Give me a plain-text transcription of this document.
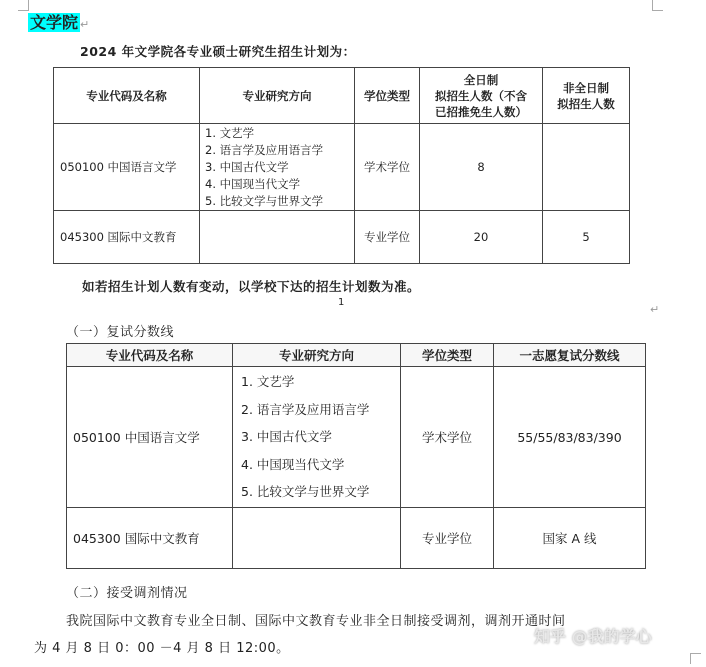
文学院 ↵
2024 年文学院各专业硕士研究生招生计划为：
专业代码及名称	专业研究方向	学位类型	全日制
拟招生人数（不含
已招推免生人数）	非全日制
拟招生人数
050100 中国语言文学	1. 文艺学
2. 语言学及应用语言学
3. 中国古代文学
4. 中国现当代文学
5. 比较文学与世界文学	学术学位	8	
045300 国际中文教育		专业学位	20	5
如若招生计划人数有变动，以学校下达的招生计划数为准。
1
↵
（一）复试分数线
专业代码及名称	专业研究方向	学位类型	一志愿复试分数线
050100 中国语言文学	1. 文艺学
2. 语言学及应用语言学
3. 中国古代文学
4. 中国现当代文学
5. 比较文学与世界文学	学术学位	55/55/83/83/390
045300 国际中文教育		专业学位	国家 A 线
（二）接受调剂情况
我院国际中文教育专业全日制、国际中文教育专业非全日制接受调剂，调剂开通时间
为 4 月 8 日 0：00 －4 月 8 日 12:00。
知乎 @我的学心
